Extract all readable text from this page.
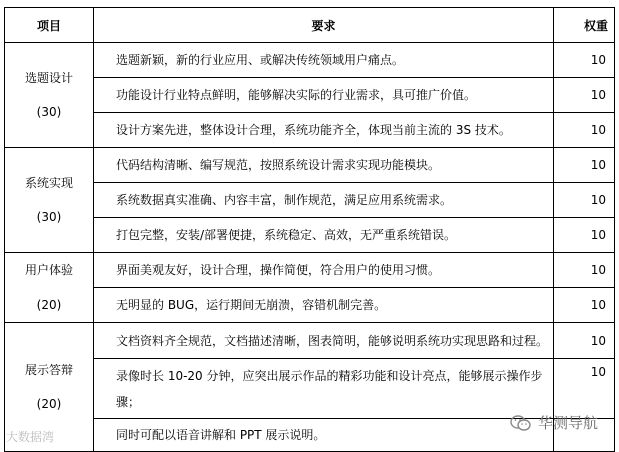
项目	要求	权重

选题设计
(30)	选题新颖，新的行业应用、或解决传统领域用户痛点。	10
	功能设计行业特点鲜明，能够解决实际的行业需求，具可推广价值。	10
	设计方案先进，整体设计合理，系统功能齐全，体现当前主流的 3S 技术。	10

系统实现
(30)	代码结构清晰、编写规范，按照系统设计需求实现功能模块。	10
	系统数据真实准确、内容丰富，制作规范，满足应用系统需求。	10
	打包完整，安装/部署便捷，系统稳定、高效，无严重系统错误。	10

用户体验
(20)	界面美观友好，设计合理，操作简便，符合用户的使用习惯。	10
	无明显的 BUG，运行期间无崩溃，容错机制完善。	10

展示答辩
(20)	文档资料齐全规范，文档描述清晰，图表简明，能够说明系统功实现思路和过程。	10
	录像时长 10-20 分钟，应突出展示作品的精彩功能和设计亮点，能够展示操作步骤；	10
	同时可配以语音讲解和 PPT 展示说明。	
大数据湾
华测导航
